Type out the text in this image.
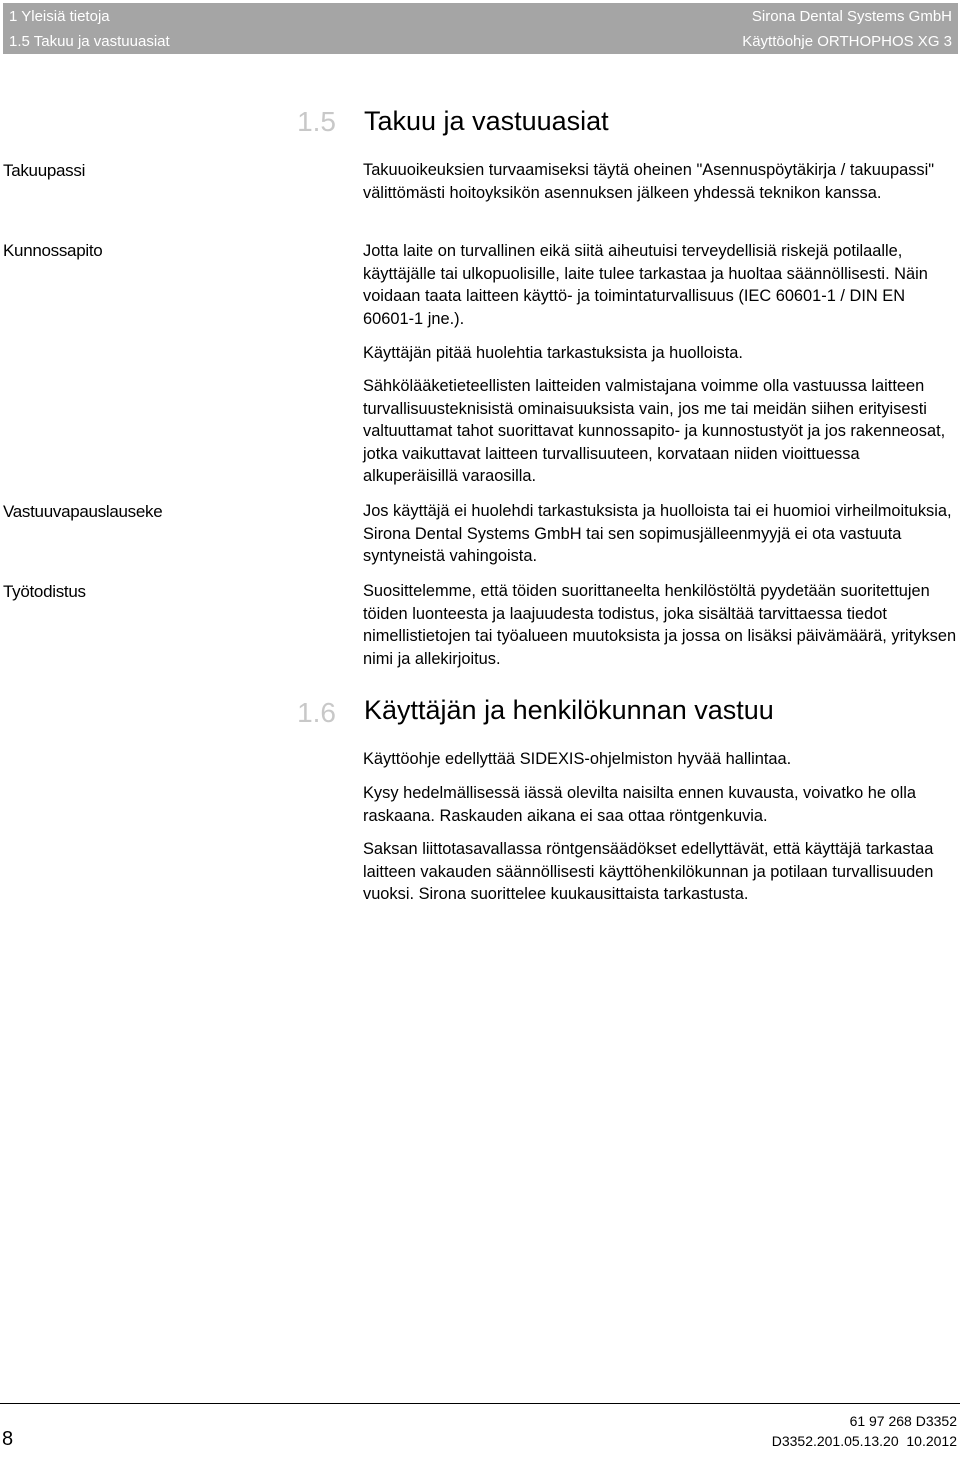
1 Yleisiä tietoja
1.5 Takuu ja vastuuasiat
Sirona Dental Systems GmbH
Käyttöohje ORTHOPHOS XG 3
1.5 Takuu ja vastuuasiat
Takuupassi
Kunnossapito
Vastuuvapauslauseke
Työtodistus

Takuuoikeuksien turvaamiseksi täytä oheinen "Asennuspöytäkirja / takuupassi" välittömästi hoitoyksikön asennuksen jälkeen yhdessä teknikon kanssa.

Jotta laite on turvallinen eikä siitä aiheutuisi terveydellisiä riskejä potilaalle, käyttäjälle tai ulkopuolisille, laite tulee tarkastaa ja huoltaa säännöllisesti. Näin voidaan taata laitteen käyttö- ja toimintaturvallisuus (IEC 60601-1 / DIN EN 60601-1 jne.).

Käyttäjän pitää huolehtia tarkastuksista ja huolloista.

Sähkölääketieteellisten laitteiden valmistajana voimme olla vastuussa laitteen turvallisuusteknisistä ominaisuuksista vain, jos me tai meidän siihen erityisesti valtuuttamat tahot suorittavat kunnossapito- ja kunnostustyöt ja jos rakenneosat, jotka vaikuttavat laitteen turvallisuuteen, korvataan niiden vioittuessa alkuperäisillä varaosilla.

Jos käyttäjä ei huolehdi tarkastuksista ja huolloista tai ei huomioi virheilmoituksia, Sirona Dental Systems GmbH tai sen sopimusjälleenmyyjä ei ota vastuuta syntyneistä vahingoista.

Suosittelemme, että töiden suorittaneelta henkilöstöltä pyydetään suoritettujen töiden luonteesta ja laajuudesta todistus, joka sisältää tarvittaessa tiedot nimellistietojen tai työalueen muutoksista ja jossa on lisäksi päivämäärä, yrityksen nimi ja allekirjoitus.

1.6 Käyttäjän ja henkilökunnan vastuu

Käyttöohje edellyttää SIDEXIS-ohjelmiston hyvää hallintaa.

Kysy hedelmällisessä iässä olevilta naisilta ennen kuvausta, voivatko he olla raskaana. Raskauden aikana ei saa ottaa röntgenkuvia.

Saksan liittotasavallassa röntgensäädökset edellyttävät, että käyttäjä tarkastaa laitteen vakauden säännöllisesti käyttöhenkilökunnan ja potilaan turvallisuuden vuoksi. Sirona suorittelee kuukausittaista tarkastusta.

8
61 97 268 D3352
D3352.201.05.13.20 10.2012
